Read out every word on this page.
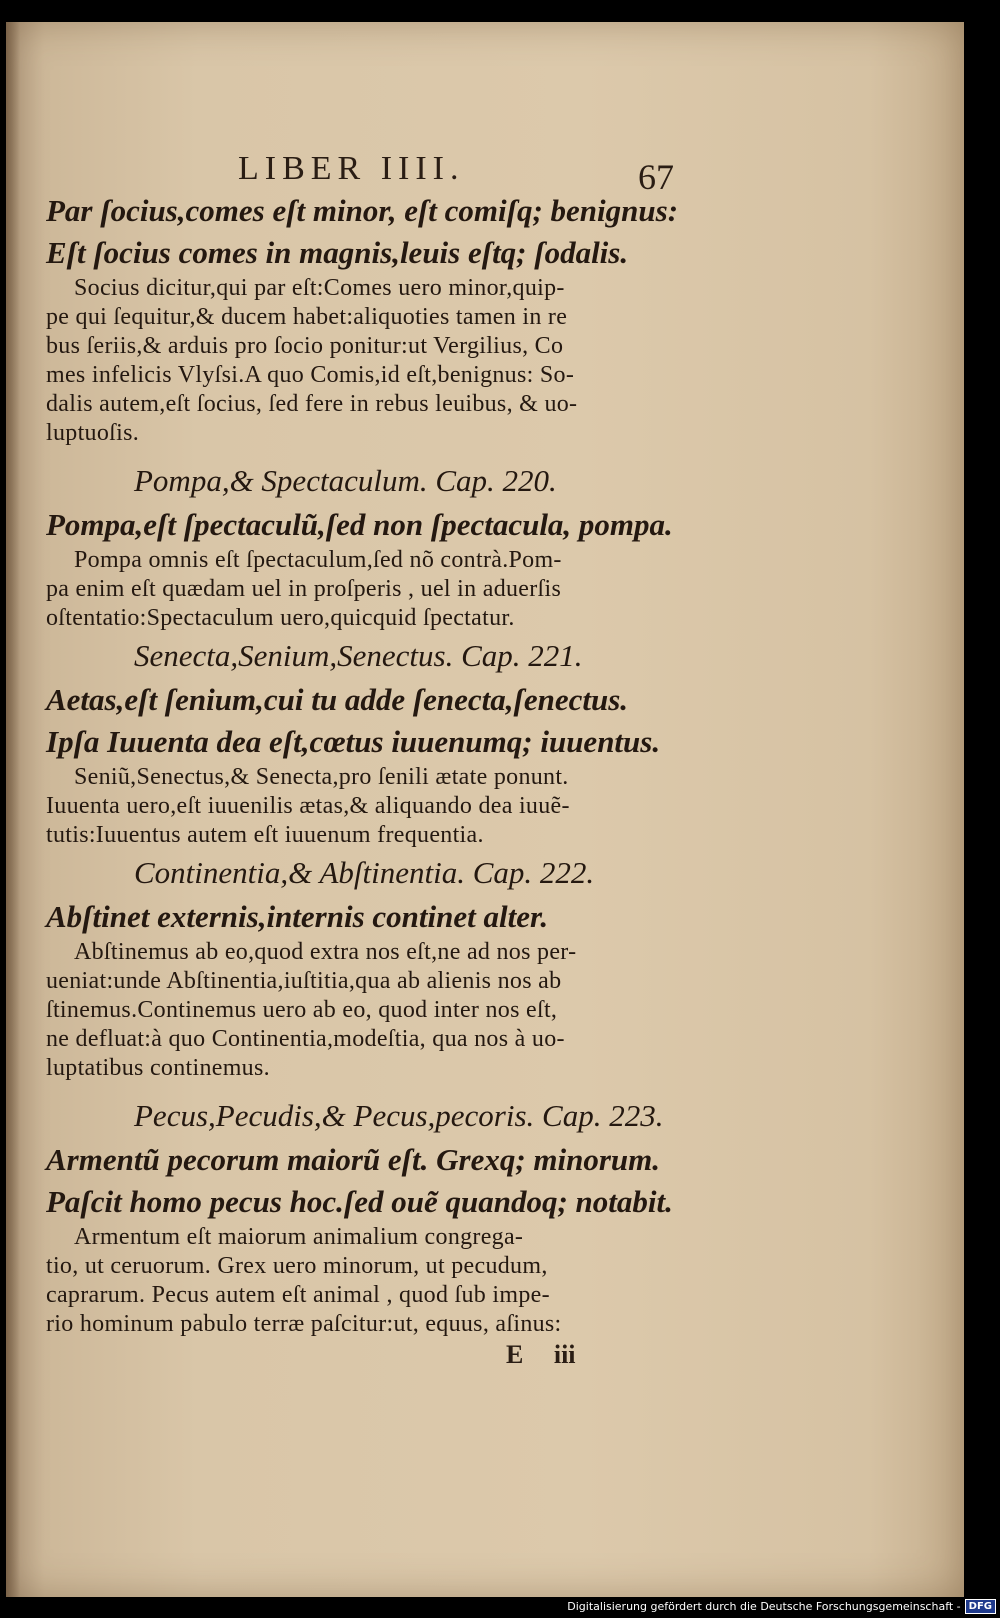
LIBER IIII.	67
Par ſocius,comes eſt minor, eſt comiſq; benignus:
Eſt ſocius comes in magnis,leuis eſtq; ſodalis.
Socius dicitur,qui par eſt:Comes uero minor,quip-
pe qui ſequitur,& ducem habet:aliquoties tamen in re
bus ſeriis,& arduis pro ſocio ponitur:ut Vergilius, Co
mes infelicis Vlyſsi.A quo Comis,id eſt,benignus: So-
dalis autem,eſt ſocius, ſed fere in rebus leuibus, & uo-
luptuoſis.
Pompa,& Spectaculum. Cap. 220.
Pompa,eſt ſpectaculũ,ſed non ſpectacula, pompa.
Pompa omnis eſt ſpectaculum,ſed nõ contrà.Pom-
pa enim eſt quædam uel in proſperis , uel in aduerſis
oſtentatio:Spectaculum uero,quicquid ſpectatur.
Senecta,Senium,Senectus. Cap. 221.
Aetas,eſt ſenium,cui tu adde ſenecta,ſenectus.
Ipſa Iuuenta dea eſt,cœtus iuuenumq; iuuentus.
Seniũ,Senectus,& Senecta,pro ſenili ætate ponunt.
Iuuenta uero,eſt iuuenilis ætas,& aliquando dea iuuẽ-
tutis:Iuuentus autem eſt iuuenum frequentia.
Continentia,& Abſtinentia. Cap. 222.
Abſtinet externis,internis continet alter.
Abſtinemus ab eo,quod extra nos eſt,ne ad nos per-
ueniat:unde Abſtinentia,iuſtitia,qua ab alienis nos ab
ſtinemus.Continemus uero ab eo, quod inter nos eſt,
ne defluat:à quo Continentia,modeſtia, qua nos à uo-
luptatibus continemus.
Pecus,Pecudis,& Pecus,pecoris. Cap. 223.
Armentũ pecorum maiorũ eſt. Grexq; minorum.
Paſcit homo pecus hoc.ſed ouẽ quandoq; notabit.
Armentum eſt maiorum animalium congrega-
tio, ut ceruorum. Grex uero minorum, ut pecudum,
caprarum. Pecus autem eſt animal , quod ſub impe-
rio hominum pabulo terræ paſcitur:ut, equus, aſinus:
E iii
Digitalisierung gefördert durch die Deutsche Forschungsgemeinschaft - DFG
